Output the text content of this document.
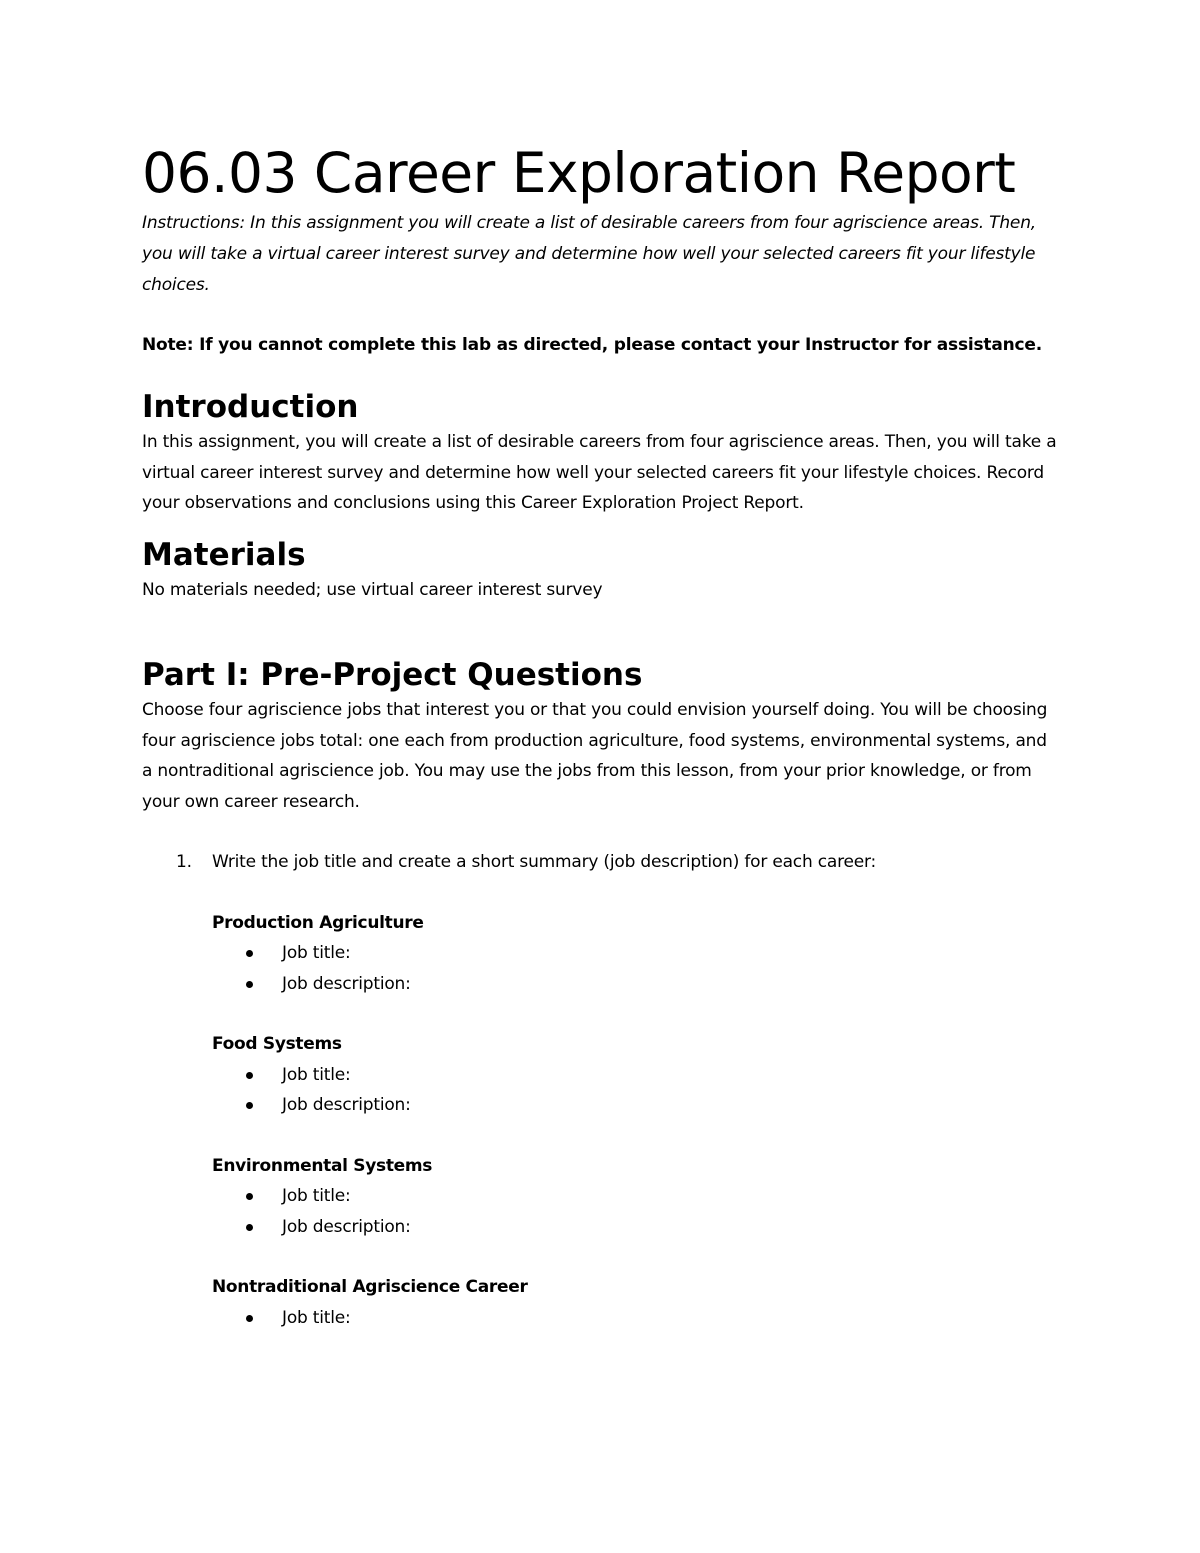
06.03 Career Exploration Report

Instructions: In this assignment you will create a list of desirable careers from four agriscience areas. Then, you will take a virtual career interest survey and determine how well your selected careers fit your lifestyle choices.

Note: If you cannot complete this lab as directed, please contact your Instructor for assistance.

Introduction

In this assignment, you will create a list of desirable careers from four agriscience areas. Then, you will take a virtual career interest survey and determine how well your selected careers fit your lifestyle choices. Record your observations and conclusions using this Career Exploration Project Report.

Materials

No materials needed; use virtual career interest survey

Part I: Pre-Project Questions

Choose four agriscience jobs that interest you or that you could envision yourself doing. You will be choosing four agriscience jobs total: one each from production agriculture, food systems, environmental systems, and a nontraditional agriscience job. You may use the jobs from this lesson, from your prior knowledge, or from your own career research.

1. Write the job title and create a short summary (job description) for each career:
Production Agriculture
Job title:
Job description:
Food Systems
Job title:
Job description:
Environmental Systems
Job title:
Job description:
Nontraditional Agriscience Career
Job title:
